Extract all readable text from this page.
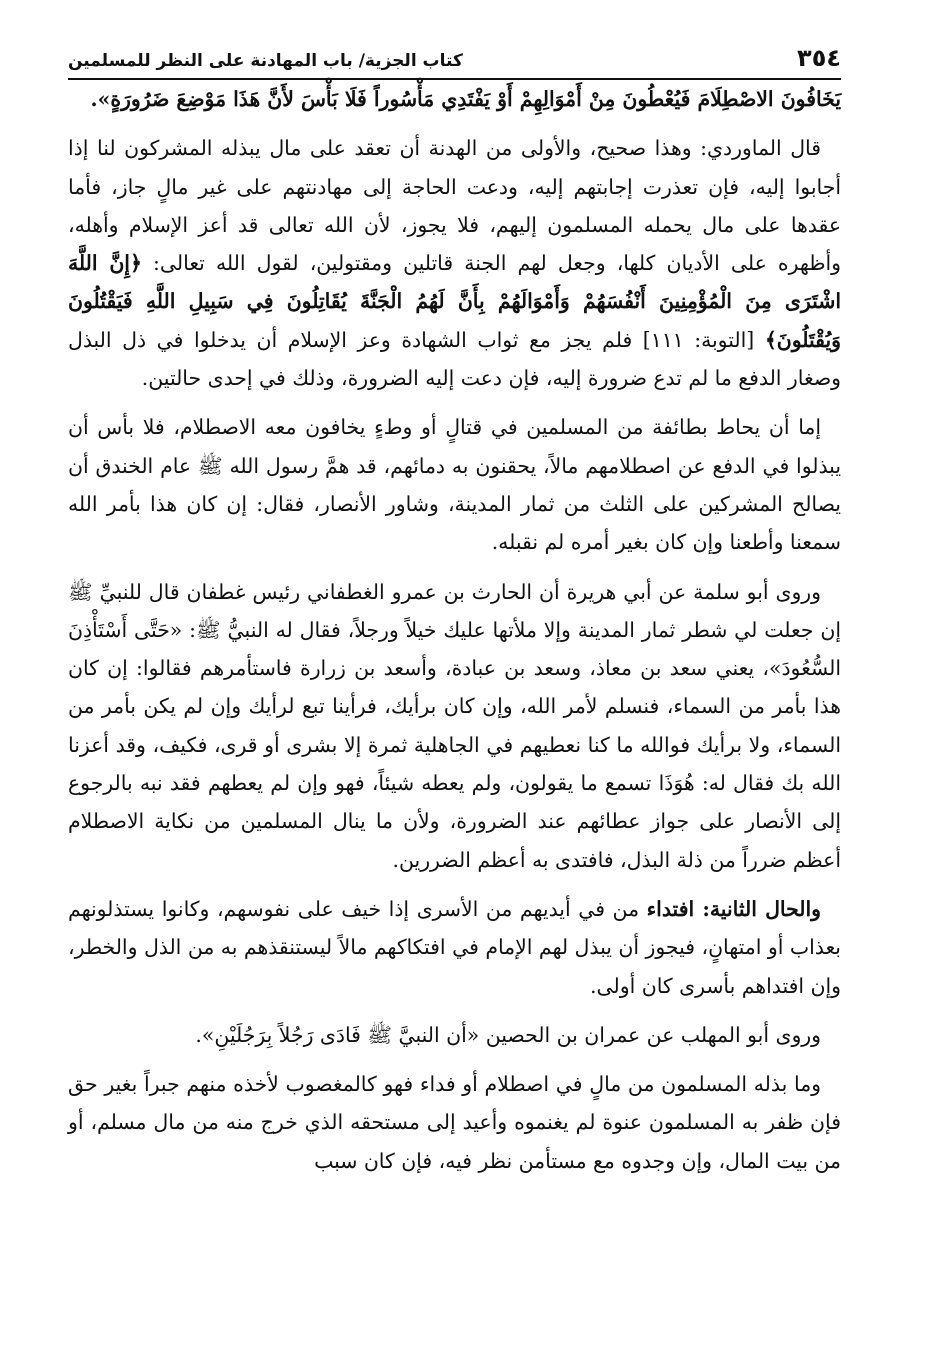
٣٥٤
كتاب الجزية/ باب المهادنة على النظر للمسلمين

يَخَافُونَ الاصْطِلَامَ فَيُعْطُونَ مِنْ أَمْوَالِهِمْ أَوْ يَفْتَدِي مَأْسُوراً فَلَا بَأْسَ لأَنَّ هَذَا مَوْضِعَ ضَرُورَةٍ».

قال الماوردي: وهذا صحيح، والأولى من الهدنة أن تعقد على مال يبذله المشركون لنا إذا أجابوا إليه، فإن تعذرت إجابتهم إليه، ودعت الحاجة إلى مهادنتهم على غير مالٍ جاز، فأما عقدها على مال يحمله المسلمون إليهم، فلا يجوز، لأن الله تعالى قد أعز الإسلام وأهله، وأظهره على الأديان كلها، وجعل لهم الجنة قاتلين ومقتولين، لقول الله تعالى: ﴿إِنَّ اللَّهَ اشْتَرَى مِنَ الْمُؤْمِنِينَ أَنْفُسَهُمْ وَأَمْوَالَهُمْ بِأَنَّ لَهُمُ الْجَنَّةَ يُقَاتِلُونَ فِي سَبِيلِ اللَّهِ فَيَقْتُلُونَ وَيُقْتَلُونَ﴾ [التوبة: ١١١] فلم يجز مع ثواب الشهادة وعز الإسلام أن يدخلوا في ذل البذل وصغار الدفع ما لم تدع ضرورة إليه، فإن دعت إليه الضرورة، وذلك في إحدى حالتين.

إما أن يحاط بطائفة من المسلمين في قتالٍ أو وطءٍ يخافون معه الاصطلام، فلا بأس أن يبذلوا في الدفع عن اصطلامهم مالاً، يحقنون به دمائهم، قد همَّ رسول الله ﷺ عام الخندق أن يصالح المشركين على الثلث من ثمار المدينة، وشاور الأنصار، فقال: إن كان هذا بأمر الله سمعنا وأطعنا وإن كان بغير أمره لم نقبله.

وروى أبو سلمة عن أبي هريرة أن الحارث بن عمرو الغطفاني رئيس غطفان قال للنبيِّ ﷺ إن جعلت لي شطر ثمار المدينة وإلا ملأتها عليك خيلاً ورجلاً، فقال له النبيُّ ﷺ: «حَتَّى أَسْتَأْذِنَ السُّعُودَ»، يعني سعد بن معاذ، وسعد بن عبادة، وأسعد بن زرارة فاستأمرهم فقالوا: إن كان هذا بأمر من السماء، فنسلم لأمر الله، وإن كان برأيك، فرأينا تبع لرأيك وإن لم يكن بأمر من السماء، ولا برأيك فوالله ما كنا نعطيهم في الجاهلية ثمرة إلا بشرى أو قرى، فكيف، وقد أعزنا الله بك فقال له: هُوَذَا تسمع ما يقولون، ولم يعطه شيئاً، فهو وإن لم يعطهم فقد نبه بالرجوع إلى الأنصار على جواز عطائهم عند الضرورة، ولأن ما ينال المسلمين من نكاية الاصطلام أعظم ضرراً من ذلة البذل، فافتدى به أعظم الضررين.

والحال الثانية: افتداء من في أيديهم من الأسرى إذا خيف على نفوسهم، وكانوا يستذلونهم بعذاب أو امتهانٍ، فيجوز أن يبذل لهم الإمام في افتكاكهم مالاً ليستنقذهم به من الذل والخطر، وإن افتداهم بأسرى كان أولى.

وروى أبو المهلب عن عمران بن الحصين «أن النبيَّ ﷺ فَادَى رَجُلاً بِرَجُلَيْنِ».

وما بذله المسلمون من مالٍ في اصطلام أو فداء فهو كالمغصوب لأخذه منهم جبراً بغير حق فإن ظفر به المسلمون عنوة لم يغنموه وأعيد إلى مستحقه الذي خرج منه من مال مسلم، أو من بيت المال، وإن وجدوه مع مستأمن نظر فيه، فإن كان سبب
